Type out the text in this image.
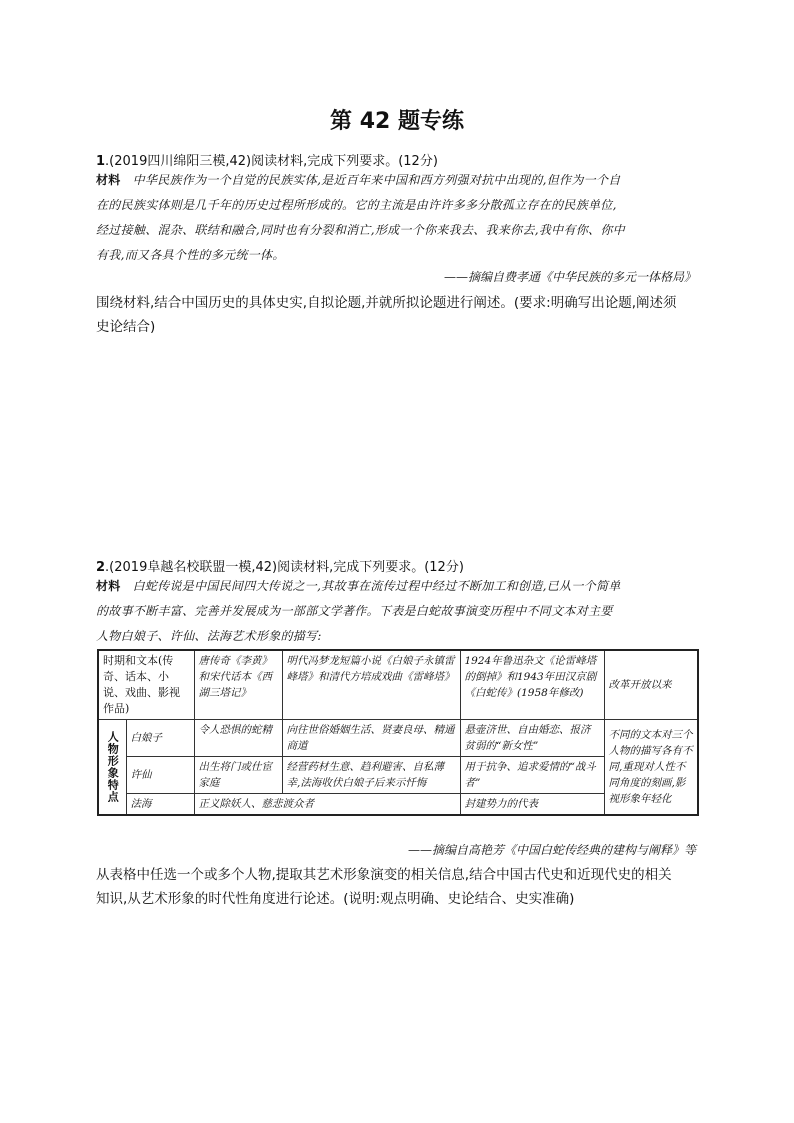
第 42 题专练
1.(2019四川绵阳三模,42)阅读材料,完成下列要求。(12分)
材料 中华民族作为一个自觉的民族实体,是近百年来中国和西方列强对抗中出现的,但作为一个自
在的民族实体则是几千年的历史过程所形成的。它的主流是由许许多多分散孤立存在的民族单位,
经过接触、混杂、联结和融合,同时也有分裂和消亡,形成一个你来我去、我来你去,我中有你、你中
有我,而又各具个性的多元统一体。
——摘编自费孝通《中华民族的多元一体格局》
围绕材料,结合中国历史的具体史实,自拟论题,并就所拟论题进行阐述。(要求:明确写出论题,阐述须
史论结合)
2.(2019阜越名校联盟一模,42)阅读材料,完成下列要求。(12分)
材料 白蛇传说是中国民间四大传说之一,其故事在流传过程中经过不断加工和创造,已从一个简单
的故事不断丰富、完善并发展成为一部部文学著作。下表是白蛇故事演变历程中不同文本对主要
人物白娘子、许仙、法海艺术形象的描写:
时期和文本(传奇、话本、小说、戏曲、影视作品)		唐传奇《李黄》和宋代话本《西湖三塔记》	明代冯梦龙短篇小说《白娘子永镇雷峰塔》和清代方培成戏曲《雷峰塔》	1924年鲁迅杂文《论雷峰塔的倒掉》和1943年田汉京剧《白蛇传》(1958年修改)	改革开放以来
人物形象特点	白娘子	令人恐惧的蛇精	向往世俗婚姻生活、贤妻良母、精通商道	悬壶济世、自由婚恋、报济贫弱的“新女性”	不同的文本对三个人物的描写各有不同,重现对人性不同角度的刻画,影视形象年轻化
	许仙	出生将门或仕宦家庭	经营药材生意、趋利避害、自私薄幸,法海收伏白娘子后来示忏悔	用于抗争、追求爱情的“战斗者”	
	法海	正义除妖人、慈悲渡众者		封建势力的代表	
——摘编自高艳芳《中国白蛇传经典的建构与阐释》等
从表格中任选一个或多个人物,提取其艺术形象演变的相关信息,结合中国古代史和近现代史的相关
知识,从艺术形象的时代性角度进行论述。(说明:观点明确、史论结合、史实准确)
